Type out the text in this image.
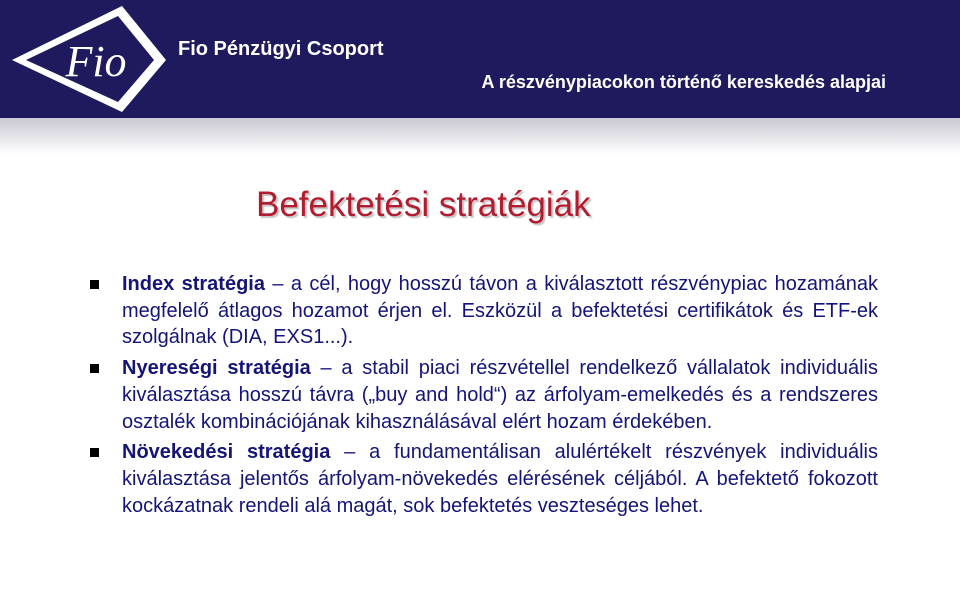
Fio	Fio Pénzügyi Csoport
A részvénypiacokon történő kereskedés alapjai
Befektetési stratégiák
Index stratégia – a cél, hogy hosszú távon a kiválasztott részvénypiac hozamának megfelelő átlagos hozamot érjen el. Eszközül a befektetési certifikátok és ETF-ek szolgálnak (DIA, EXS1...).
Nyereségi stratégia – a stabil piaci részvétellel rendelkező vállalatok individuális kiválasztása hosszú távra („buy and hold“) az árfolyam-emelkedés és a rendszeres osztalék kombinációjának kihasználásával elért hozam érdekében.
Növekedési stratégia – a fundamentálisan alulértékelt részvények individuális kiválasztása jelentős árfolyam-növekedés elérésének céljából. A befektető fokozott kockázatnak rendeli alá magát, sok befektetés veszteséges lehet.
